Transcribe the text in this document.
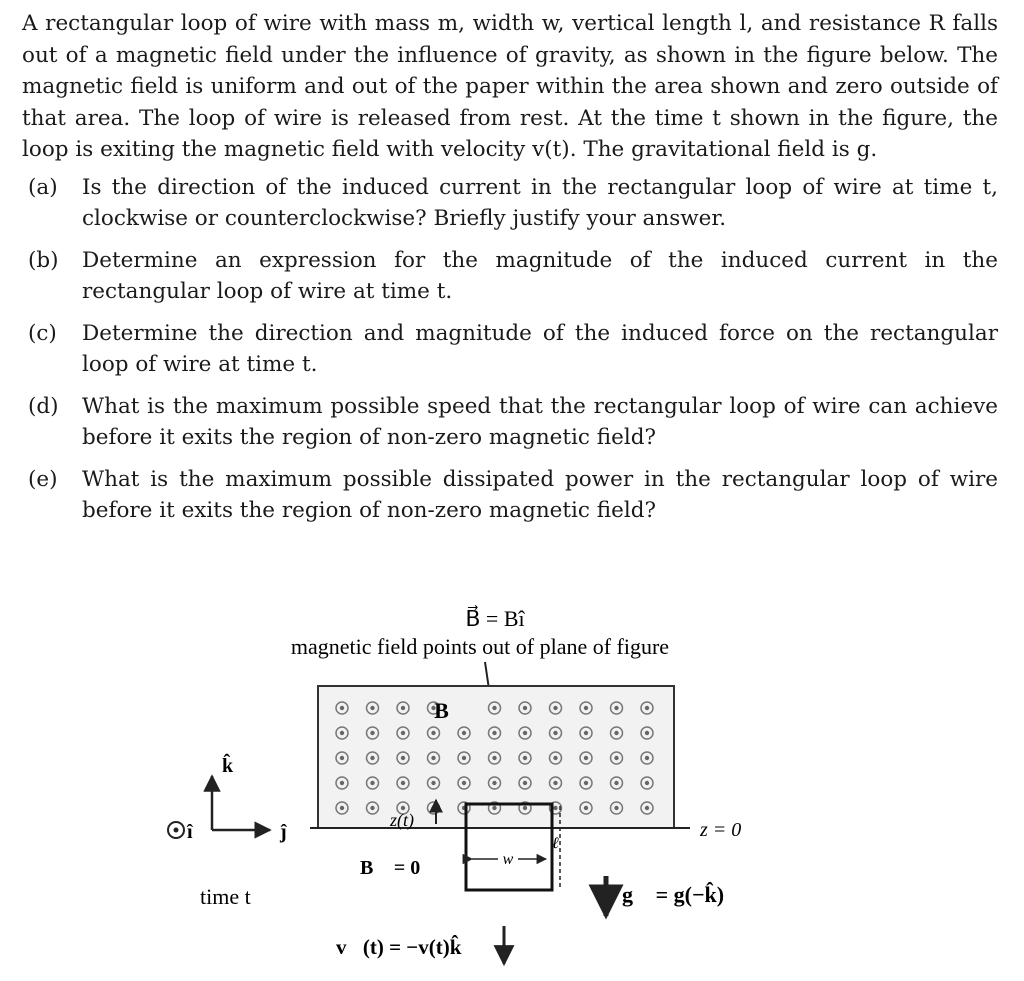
A rectangular loop of wire with mass m, width w, vertical length l, and resistance R falls out of a magnetic field under the influence of gravity, as shown in the figure below. The magnetic field is uniform and out of the paper within the area shown and zero outside of that area. The loop of wire is released from rest. At the time t shown in the figure, the loop is exiting the magnetic field with velocity v(t). The gravitational field is g.

(a)	Is the direction of the induced current in the rectangular loop of wire at time t, clockwise or counterclockwise? Briefly justify your answer.
(b)	Determine an expression for the magnitude of the induced current in the rectangular loop of wire at time t.
(c)	Determine the direction and magnitude of the induced force on the rectangular loop of wire at time t.
(d)	What is the maximum possible speed that the rectangular loop of wire can achieve before it exits the region of non-zero magnetic field?
(e)	What is the maximum possible dissipated power in the rectangular loop of wire before it exits the region of non-zero magnetic field?
B⃗ = Bî
magnetic field points out of plane of figure
B⃗
z = 0
w
ℓ
z(t)
B⃗ = 0⃗
î	ĵ
k̂
time t	g⃗ = g(−k̂)
v⃗(t) = −v(t)k̂
